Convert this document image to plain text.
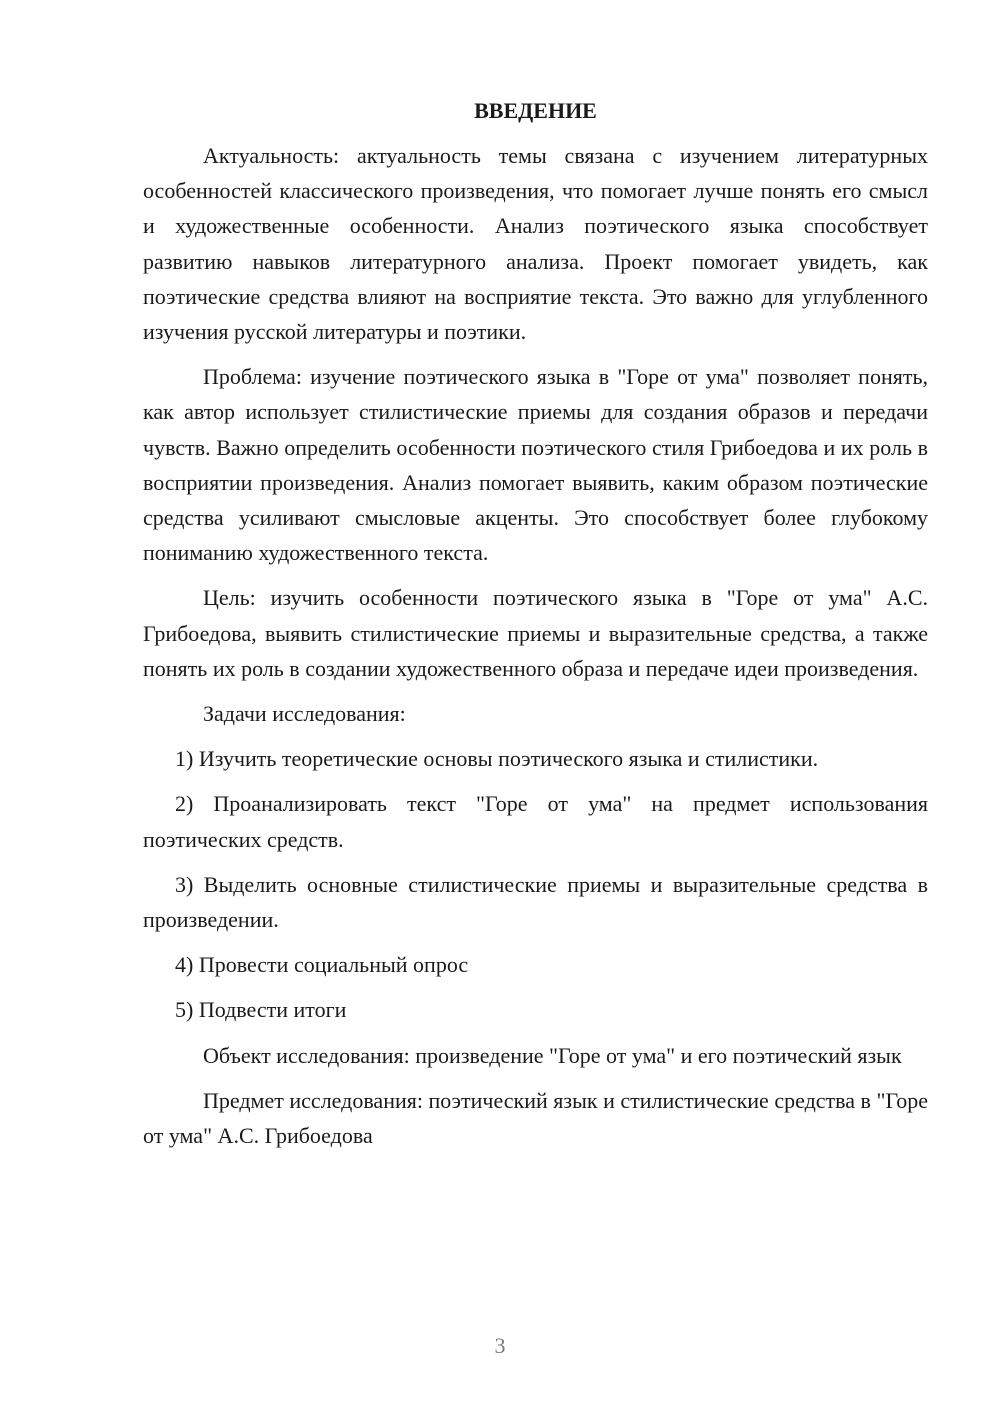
ВВЕДЕНИЕ

Актуальность: актуальность темы связана с изучением литературных особенностей классического произведения, что помогает лучше понять его смысл и художественные особенности. Анализ поэтического языка способствует развитию навыков литературного анализа. Проект помогает увидеть, как поэтические средства влияют на восприятие текста. Это важно для углубленного изучения русской литературы и поэтики.

Проблема: изучение поэтического языка в "Горе от ума" позволяет понять, как автор использует стилистические приемы для создания образов и передачи чувств. Важно определить особенности поэтического стиля Грибоедова и их роль в восприятии произведения. Анализ помогает выявить, каким образом поэтические средства усиливают смысловые акценты. Это способствует более глубокому пониманию художественного текста.

Цель: изучить особенности поэтического языка в "Горе от ума" А.С. Грибоедова, выявить стилистические приемы и выразительные средства, а также понять их роль в создании художественного образа и передаче идеи произведения.

Задачи исследования:

1) Изучить теоретические основы поэтического языка и стилистики.

2) Проанализировать текст "Горе от ума" на предмет использования поэтических средств.

3) Выделить основные стилистические приемы и выразительные средства в произведении.

4) Провести социальный опрос

5) Подвести итоги

Объект исследования: произведение "Горе от ума" и его поэтический язык

Предмет исследования: поэтический язык и стилистические средства в "Горе от ума" А.С. Грибоедова

3
